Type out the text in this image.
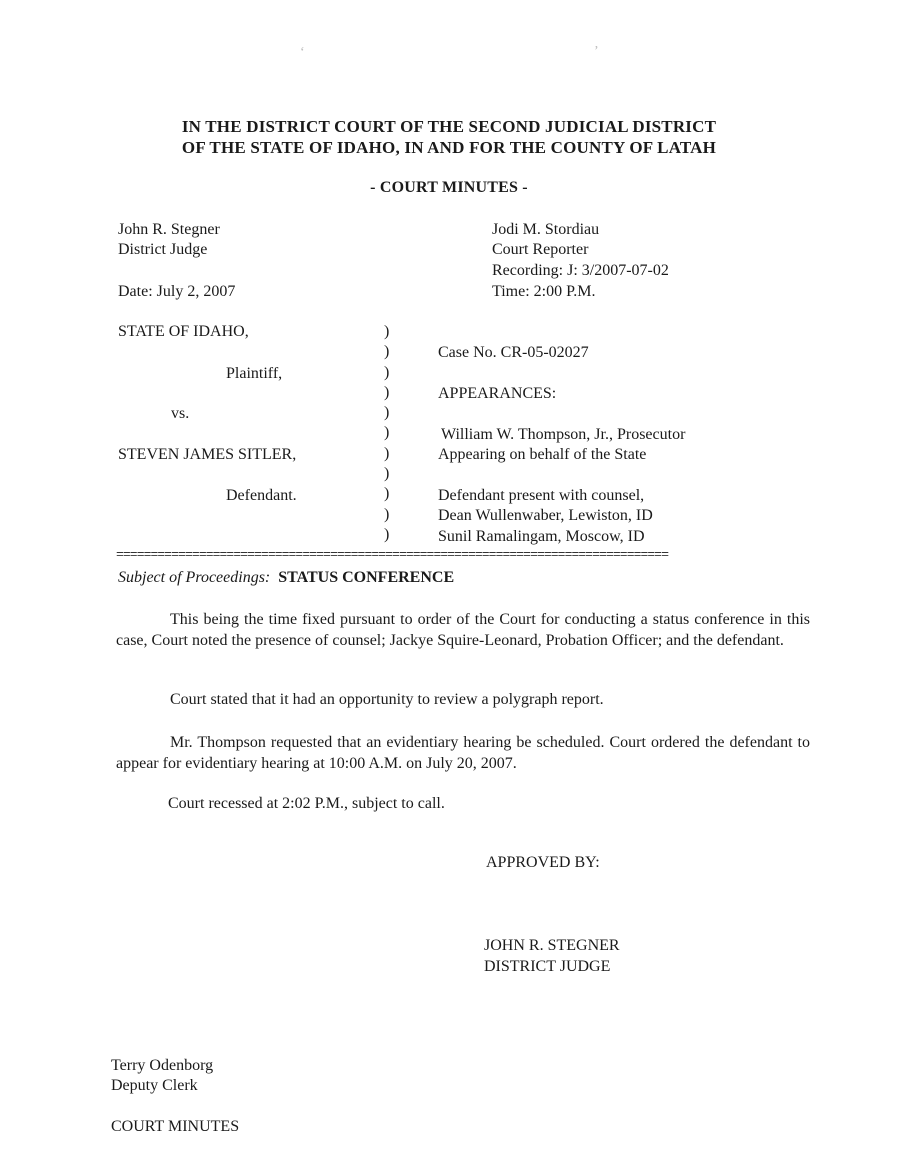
ʻ	ʼ
IN THE DISTRICT COURT OF THE SECOND JUDICIAL DISTRICT
OF THE STATE OF IDAHO, IN AND FOR THE COUNTY OF LATAH
- COURT MINUTES -
John R. Stegner
District Judge
Date: July 2, 2007
Jodi M. Stordiau
Court Reporter
Recording: J: 3/2007-07-02
Time: 2:00 P.M.
STATE OF IDAHO,
Plaintiff,
vs.
STEVEN JAMES SITLER,
Defendant.
)
)
)
)
)
)
)
)
)
)
)
Case No. CR-05-02027
APPEARANCES:
William W. Thompson, Jr., Prosecutor
Appearing on behalf of the State
Defendant present with counsel,
Dean Wullenwaber, Lewiston, ID
Sunil Ramalingam, Moscow, ID
================================================================================
Subject of Proceedings: STATUS CONFERENCE
This being the time fixed pursuant to order of the Court for conducting a status conference in this case, Court noted the presence of counsel; Jackye Squire-Leonard, Probation Officer; and the defendant.
Court stated that it had an opportunity to review a polygraph report.
Mr. Thompson requested that an evidentiary hearing be scheduled. Court ordered the defendant to appear for evidentiary hearing at 10:00 A.M. on July 20, 2007.
Court recessed at 2:02 P.M., subject to call.
APPROVED BY:
JOHN R. STEGNER
DISTRICT JUDGE
Terry Odenborg
Deputy Clerk
COURT MINUTES
